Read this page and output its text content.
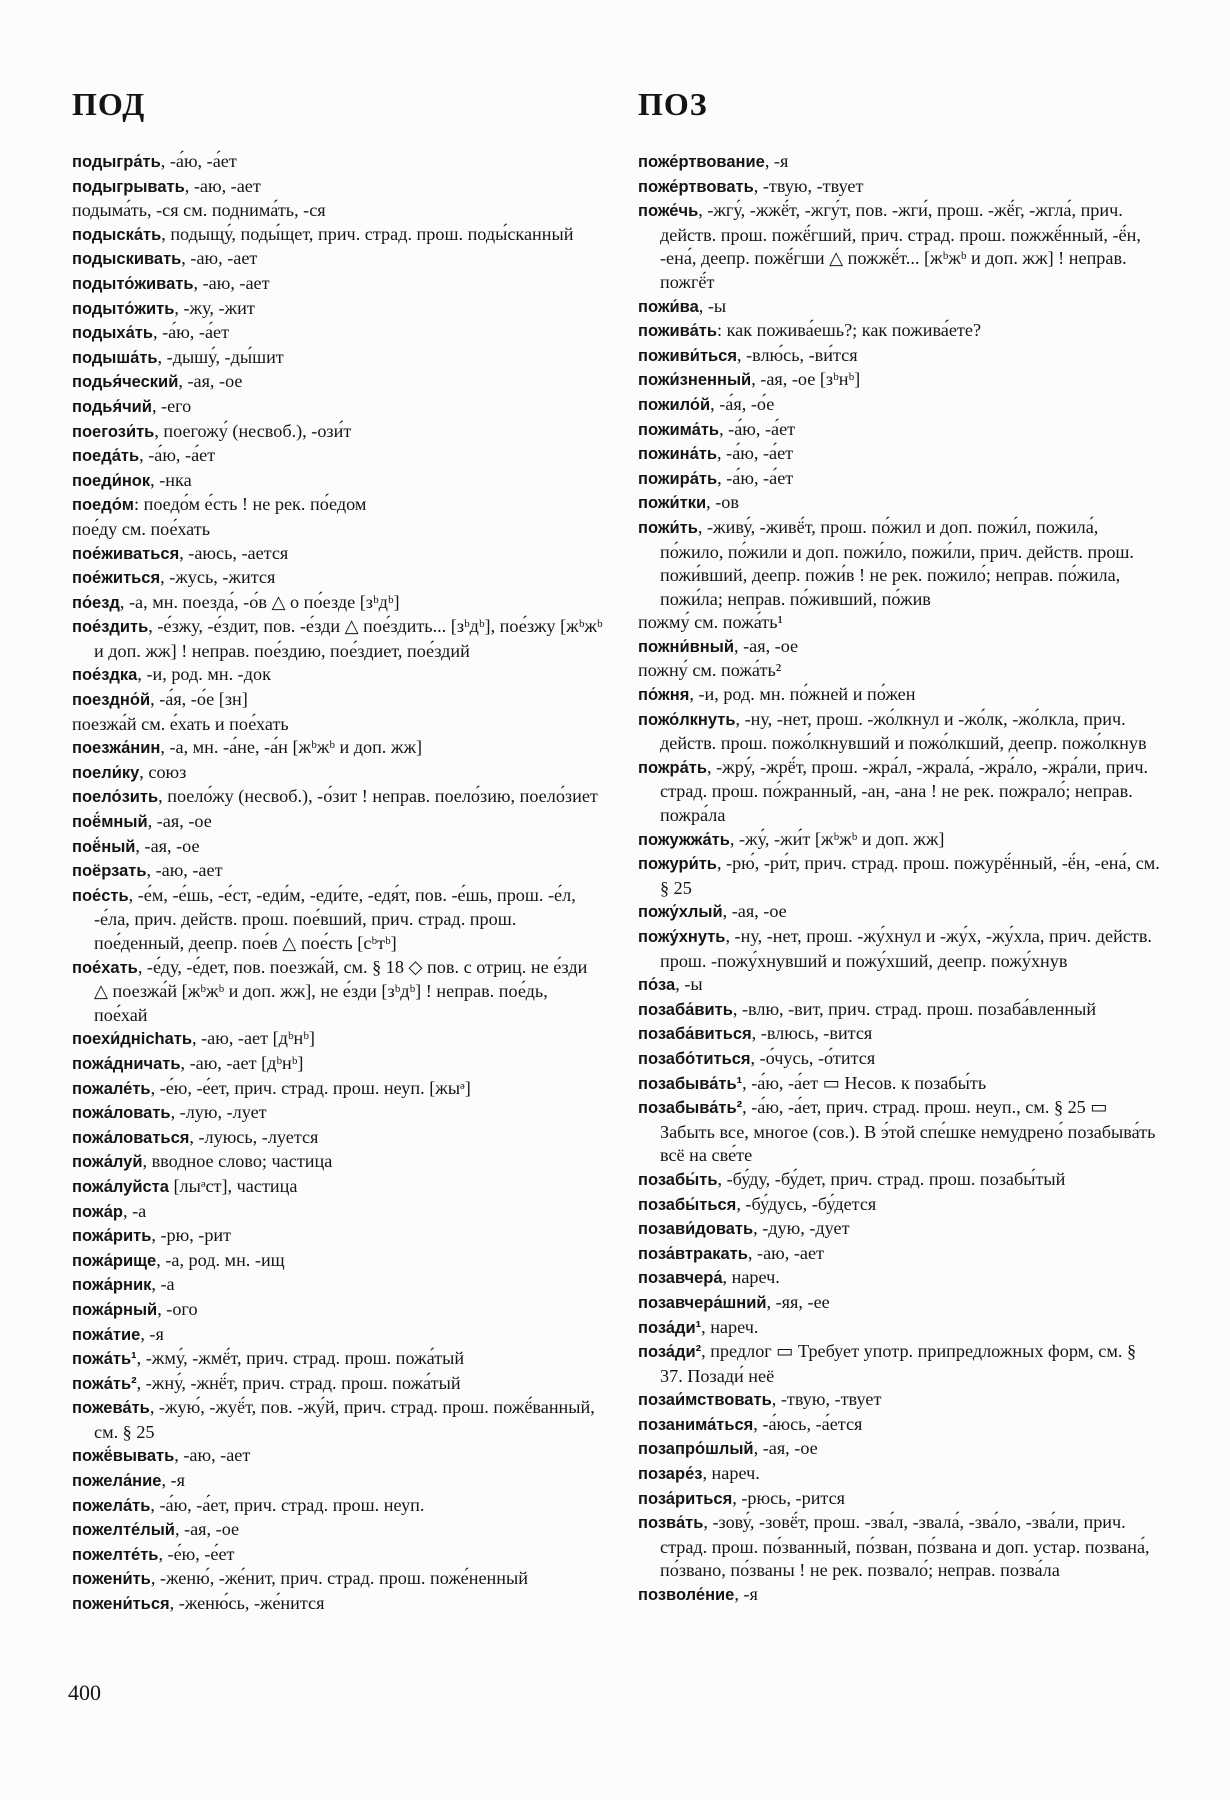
ПОД	ПОЗ
подыгра́ть, -а́ю, -а́ет
подыгрывать, -аю, -ает
подыма́ть, -ся см. поднима́ть, -ся
подыска́ть, подыщу́, поды́щет, прич. страд. прош. поды́сканный
подыскивать, -аю, -ает
подыто́живать, -аю, -ает
подыто́жить, -жу, -жит
подыха́ть, -а́ю, -а́ет
подыша́ть, -дышу́, -ды́шит
подья́ческий, -ая, -ое
подья́чий, -его
поегози́ть, поегожу́ (несвоб.), -ози́т
поеда́ть, -а́ю, -а́ет
поеди́нок, -нка
поедо́м: поедо́м е́сть ! не рек. по́едом
пое́ду см. пое́хать
пое́живаться, -аюсь, -ается
пое́житься, -жусь, -жится
по́езд, -а, мн. поезда́, -о́в △ о по́езде [зᵇдᵇ]
пое́здить, -е́зжу, -е́здит, пов. -е́зди △ пое́здить... [зᵇдᵇ], пое́зжу [жᵇжᵇ и доп. жж] ! неправ. пое́здию, пое́здиет, пое́здий
пое́здка, -и, род. мн. -док
поездно́й, -а́я, -о́е [зн]
поезжа́й см. е́хать и пое́хать
поезжа́нин, -а, мн. -а́не, -а́н [жᵇжᵇ и доп. жж]
поели́ку, союз
поело́зить, поело́жу (несвоб.), -о́зит ! неправ. поело́зию, поело́зиет
поё́мный, -ая, -ое
поё́ный, -ая, -ое
поёрзать, -аю, -ает
пое́сть, -е́м, -е́шь, -е́ст, -еди́м, -еди́те, -едя́т, пов. -е́шь, прош. -е́л, -е́ла, прич. действ. прош. пое́вший, прич. страд. прош. пое́денный, деепр. пое́в △ пое́сть [сᵇтᵇ]
пое́хать, -е́ду, -е́дет, пов. поезжа́й, см. § 18 ◇ пов. с отриц. не е́зди △ поезжа́й [жᵇжᵇ и доп. жж], не е́зди [зᵇдᵇ] ! неправ. пое́дь, пое́хай
поехи́днichать, -аю, -ает [дᵇнᵇ]
пожа́дничать, -аю, -ает [дᵇнᵇ]
пожале́ть, -е́ю, -е́ет, прич. страд. прош. неуп. [жыᵊ]
пожа́ловать, -лую, -лует
пожа́ловаться, -луюсь, -луется
пожа́луй, вводное слово; частица
пожа́луйста [лыᵊст], частица
пожа́р, -а
пожа́рить, -рю, -рит
пожа́рище, -а, род. мн. -ищ
пожа́рник, -а
пожа́рный, -ого
пожа́тие, -я
пожа́ть¹, -жму́, -жмё́т, прич. страд. прош. пожа́тый
пожа́ть², -жну́, -жнё́т, прич. страд. прош. пожа́тый
пожева́ть, -жую́, -жуё́т, пов. -жу́й, прич. страд. прош. пожё́ванный, см. § 25
пожё́вывать, -аю, -ает
пожела́ние, -я
пожела́ть, -а́ю, -а́ет, прич. страд. прош. неуп.
пожелте́лый, -ая, -ое
пожелте́ть, -е́ю, -е́ет
пожени́ть, -женю́, -же́нит, прич. страд. прош. поже́ненный
пожени́ться, -женю́сь, -же́нится
поже́ртвование, -я
поже́ртвовать, -твую, -твует
поже́чь, -жгу́, -жжё́т, -жгу́т, пов. -жги́, прош. -жё́г, -жгла́, прич. действ. прош. пожё́гший, прич. страд. прош. пожжё́нный, -ё́н, -ена́, деепр. пожё́гши △ пожжё́т... [жᵇжᵇ и доп. жж] ! неправ. пожгё́т
пожи́ва, -ы
пожива́ть: как пожива́ешь?; как пожива́ете?
поживи́ться, -влю́сь, -ви́тся
пожи́зненный, -ая, -ое [зᵇнᵇ]
пожило́й, -а́я, -о́е
пожима́ть, -а́ю, -а́ет
пожина́ть, -а́ю, -а́ет
пожира́ть, -а́ю, -а́ет
пожи́тки, -ов
пожи́ть, -живу́, -живё́т, прош. по́жил и доп. пожи́л, пожила́, по́жило, по́жили и доп. пожи́ло, пожи́ли, прич. действ. прош. пожи́вший, деепр. пожи́в ! не рек. пожило́; неправ. по́жила, пожи́ла; неправ. по́живший, по́жив
пожму́ см. пожа́ть¹
пожни́вный, -ая, -ое
пожну́ см. пожа́ть²
по́жня, -и, род. мн. по́жней и по́жен
пожо́лкнуть, -ну, -нет, прош. -жо́лкнул и -жо́лк, -жо́лкла, прич. действ. прош. пожо́лкнувший и пожо́лкший, деепр. пожо́лкнув
пожра́ть, -жру́, -жрё́т, прош. -жра́л, -жрала́, -жра́ло, -жра́ли, прич. страд. прош. по́жранный, -ан, -ана ! не рек. пожрало́; неправ. пожра́ла
пожужжа́ть, -жу́, -жи́т [жᵇжᵇ и доп. жж]
пожури́ть, -рю́, -ри́т, прич. страд. прош. пожурё́нный, -ё́н, -ена́, см. § 25
пожу́хлый, -ая, -ое
пожу́хнуть, -ну, -нет, прош. -жу́хнул и -жу́х, -жу́хла, прич. действ. прош. -пожу́хнувший и пожу́хший, деепр. пожу́хнув
по́за, -ы
позаба́вить, -влю, -вит, прич. страд. прош. позаба́вленный
позаба́виться, -влюсь, -вится
позабо́титься, -о́чусь, -о́тится
позабыва́ть¹, -а́ю, -а́ет ▭ Несов. к позабы́ть
позабыва́ть², -а́ю, -а́ет, прич. страд. прош. неуп., см. § 25 ▭ Забыть все, многое (сов.). В э́той спе́шке немудрено́ позабыва́ть всё на све́те
позабы́ть, -бу́ду, -бу́дет, прич. страд. прош. позабы́тый
позабы́ться, -бу́дусь, -бу́дется
позави́довать, -дую, -дует
поза́втракать, -аю, -ает
позавчера́, нареч.
позавчера́шний, -яя, -ее
поза́ди¹, нареч.
поза́ди², предлог ▭ Требует употр. припредложных форм, см. § 37. Позади́ неё
позаи́мствовать, -твую, -твует
позанима́ться, -а́юсь, -а́ется
позапро́шлый, -ая, -ое
позаре́з, нареч.
поза́риться, -рюсь, -рится
позва́ть, -зову́, -зовё́т, прош. -зва́л, -звала́, -зва́ло, -зва́ли, прич. страд. прош. по́званный, по́зван, по́звана и доп. устар. позвана́, по́звано, по́званы ! не рек. позвало́; неправ. позва́ла
позволе́ние, -я
400
